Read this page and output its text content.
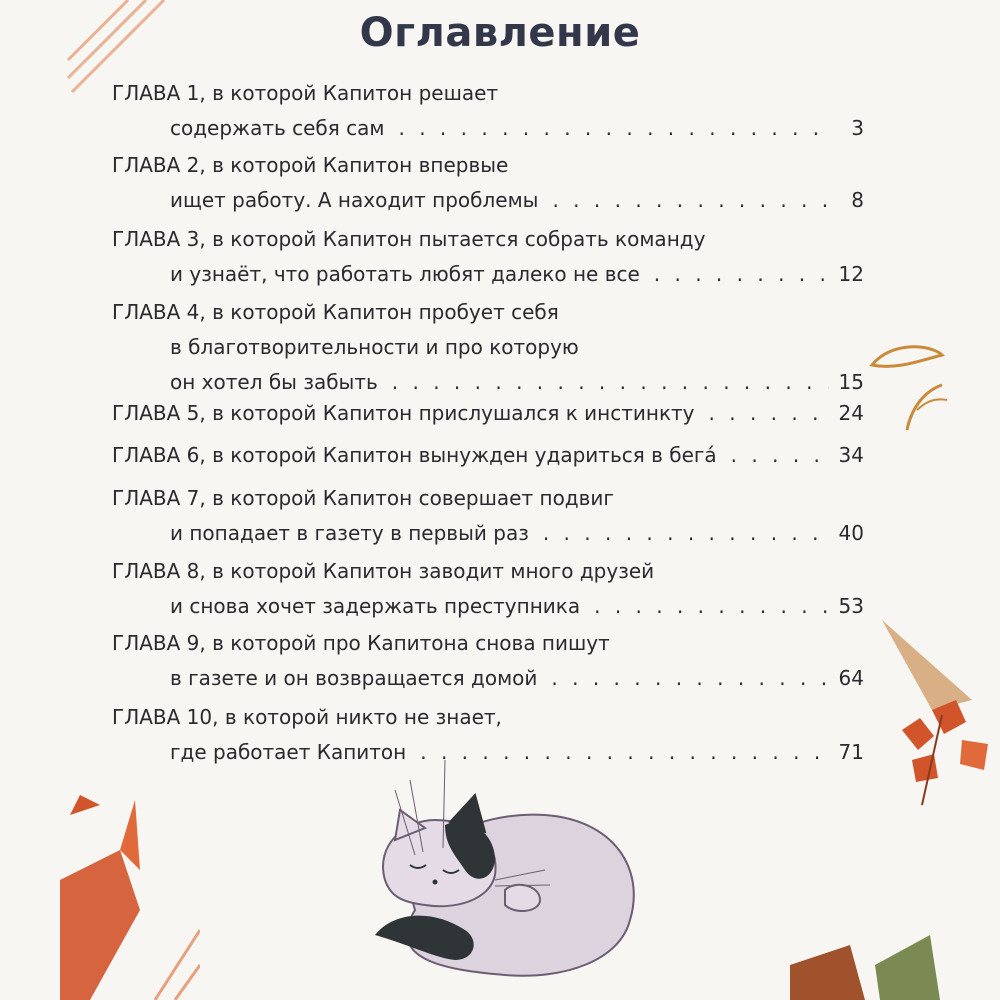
Оглавление
ГЛАВА 1, в которой Капитон решает
содержать себя сам . . .	3
ГЛАВА 2, в которой Капитон впервые
ищет работу. А находит проблемы . . .	8
ГЛАВА 3, в которой Капитон пытается собрать команду
и узнаёт, что работать любят далеко не все . . .	12
ГЛАВА 4, в которой Капитон пробует себя
в благотворительности и про которую
он хотел бы забыть . . .	15
ГЛАВА 5, в которой Капитон прислушался к инстинкту . . .	24
ГЛАВА 6, в которой Капитон вынужден удариться в бегá . . .	34
ГЛАВА 7, в которой Капитон совершает подвиг
и попадает в газету в первый раз . . .	40
ГЛАВА 8, в которой Капитон заводит много друзей
и снова хочет задержать преступника . . .	53
ГЛАВА 9, в которой про Капитона снова пишут
в газете и он возвращается домой . . .	64
ГЛАВА 10, в которой никто не знает,
где работает Капитон . . .	71
